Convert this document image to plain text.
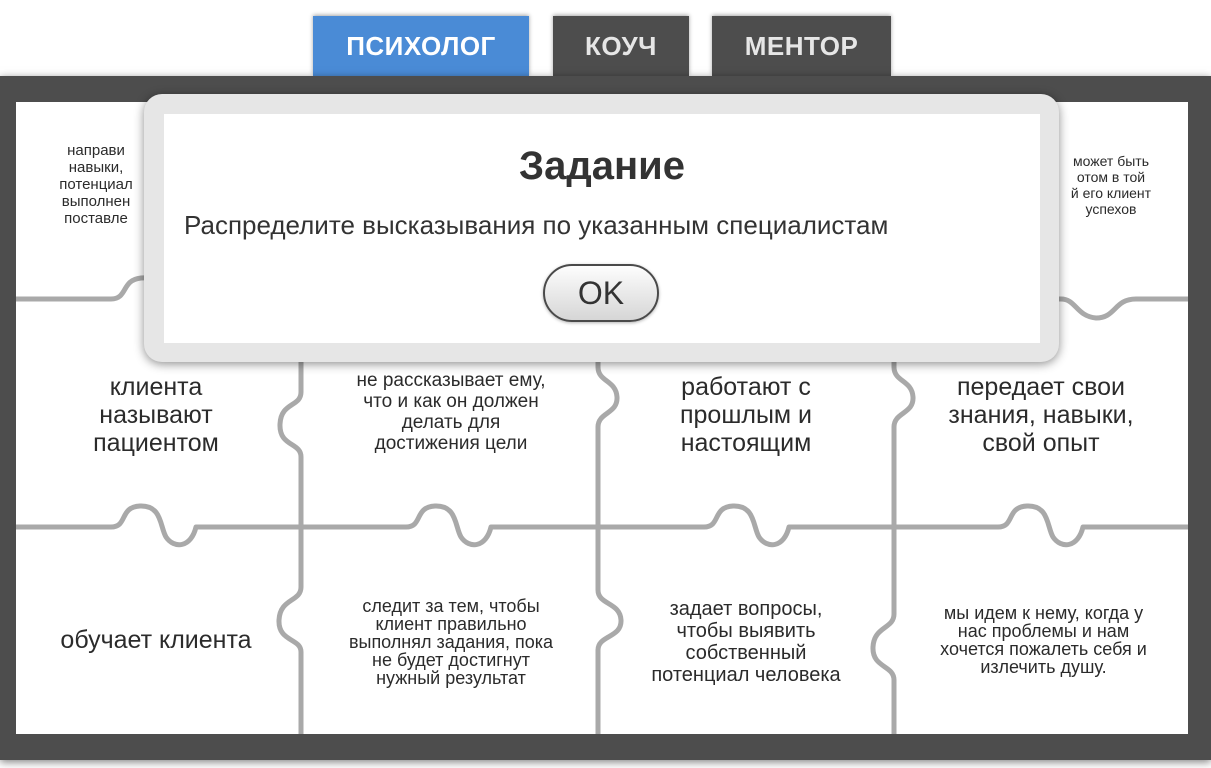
ПСИХОЛОГ	КОУЧ	МЕНТОР
направи
навыки,
потенциал
выполнен
поставле
может быть
отом в той
й его клиент
успехов
клиента
называют
пациентом
не рассказывает ему,
что и как он должен
делать для
достижения цели
работают с
прошлым и
настоящим
передает свои
знания, навыки,
свой опыт
обучает клиента
следит за тем, чтобы
клиент правильно
выполнял задания, пока
не будет достигнут
нужный результат
задает вопросы,
чтобы выявить
собственный
потенциал человека
мы идем к нему, когда у
нас проблемы и нам
хочется пожалеть себя и
излечить душу.
Задание
Распределите высказывания по указанным специалистам
OK
